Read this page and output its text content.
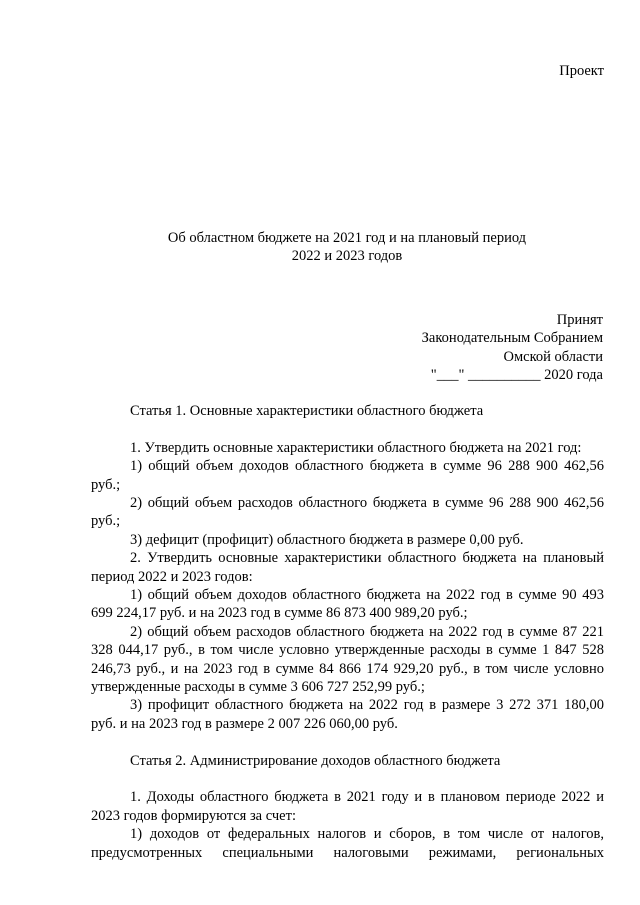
Проект
Об областном бюджете на 2021 год и на плановый период
2022 и 2023 годов
Принят
Законодательным Собранием
Омской области
"___" __________ 2020 года

Статья 1. Основные характеристики областного бюджета

1. Утвердить основные характеристики областного бюджета на 2021 год:

1) общий объем доходов областного бюджета в сумме 96 288 900 462,56 руб.;

2) общий объем расходов областного бюджета в сумме 96 288 900 462,56 руб.;

3) дефицит (профицит) областного бюджета в размере 0,00 руб.

2. Утвердить основные характеристики областного бюджета на плановый период 2022 и 2023 годов:

1) общий объем доходов областного бюджета на 2022 год в сумме 90 493 699 224,17 руб. и на 2023 год в сумме 86 873 400 989,20 руб.;

2) общий объем расходов областного бюджета на 2022 год в сумме 87 221 328 044,17 руб., в том числе условно утвержденные расходы в сумме 1 847 528 246,73 руб., и на 2023 год в сумме 84 866 174 929,20 руб., в том числе условно утвержденные расходы в сумме 3 606 727 252,99 руб.;

3) профицит областного бюджета на 2022 год в размере 3 272 371 180,00 руб. и на 2023 год в размере 2 007 226 060,00 руб.

Статья 2. Администрирование доходов областного бюджета

1. Доходы областного бюджета в 2021 году и в плановом периоде 2022 и 2023 годов формируются за счет:

1) доходов от федеральных налогов и сборов, в том числе от налогов, предусмотренных специальными налоговыми режимами, региональных
